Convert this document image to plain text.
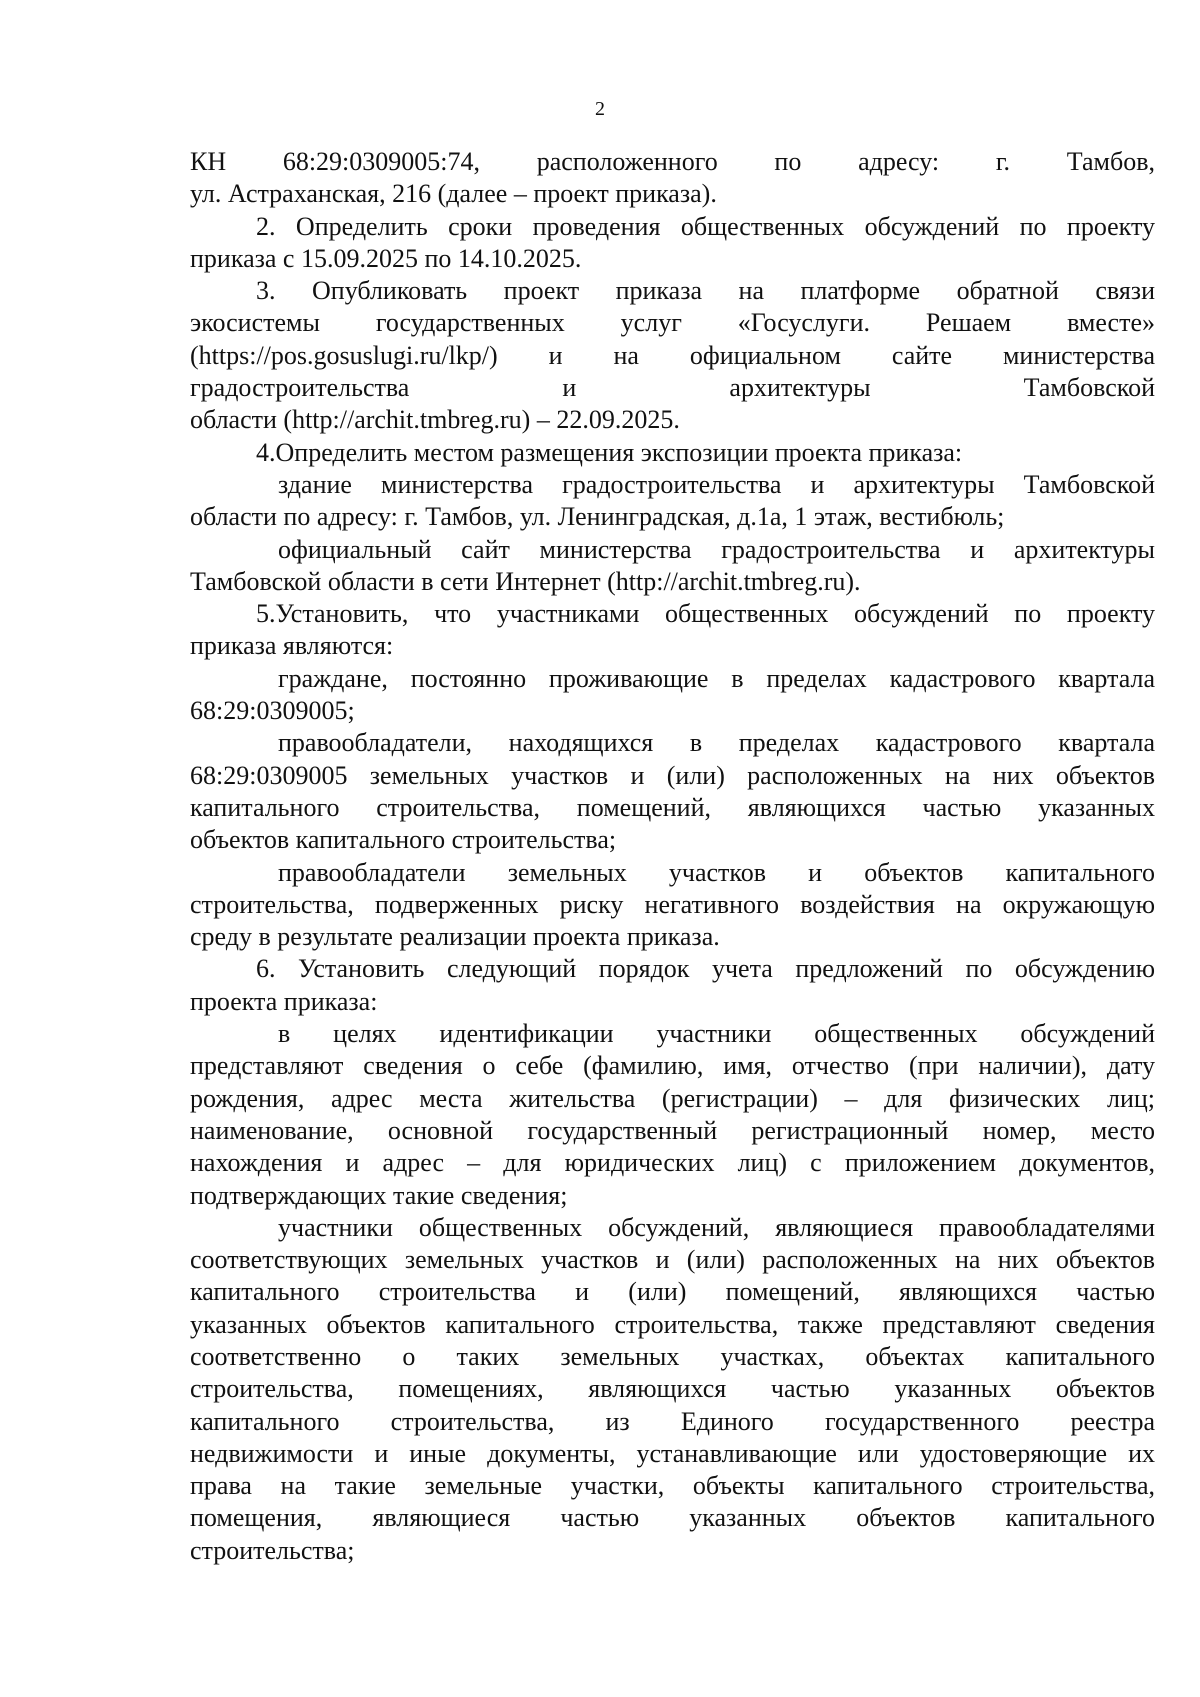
2

КН 68:29:0309005:74, расположенного по адресу: г. Тамбов,

ул. Астраханская, 216 (далее – проект приказа).

2. Определить сроки проведения общественных обсуждений по проекту

приказа с 15.09.2025 по 14.10.2025.

3. Опубликовать проект приказа на платформе обратной связи

экосистемы государственных услуг «Госуслуги. Решаем вместе»

(https://pos.gosuslugi.ru/lkp/) и на официальном сайте министерства

градостроительства и архитектуры Тамбовской

области (http://archit.tmbreg.ru) – 22.09.2025.

4.Определить местом размещения экспозиции проекта приказа:

здание министерства градостроительства и архитектуры Тамбовской

области по адресу: г. Тамбов, ул. Ленинградская, д.1а, 1 этаж, вестибюль;

официальный сайт министерства градостроительства и архитектуры

Тамбовской области в сети Интернет (http://archit.tmbreg.ru).

5.Установить, что участниками общественных обсуждений по проекту

приказа являются:

граждане, постоянно проживающие в пределах кадастрового квартала

68:29:0309005;

правообладатели, находящихся в пределах кадастрового квартала

68:29:0309005 земельных участков и (или) расположенных на них объектов

капитального строительства, помещений, являющихся частью указанных

объектов капитального строительства;

правообладатели земельных участков и объектов капитального

строительства, подверженных риску негативного воздействия на окружающую

среду в результате реализации проекта приказа.

6. Установить следующий порядок учета предложений по обсуждению

проекта приказа:

в целях идентификации участники общественных обсуждений

представляют сведения о себе (фамилию, имя, отчество (при наличии), дату

рождения, адрес места жительства (регистрации) – для физических лиц;

наименование, основной государственный регистрационный номер, место

нахождения и адрес – для юридических лиц) с приложением документов,

подтверждающих такие сведения;

участники общественных обсуждений, являющиеся правообладателями

соответствующих земельных участков и (или) расположенных на них объектов

капитального строительства и (или) помещений, являющихся частью

указанных объектов капитального строительства, также представляют сведения

соответственно о таких земельных участках, объектах капитального

строительства, помещениях, являющихся частью указанных объектов

капитального строительства, из Единого государственного реестра

недвижимости и иные документы, устанавливающие или удостоверяющие их

права на такие земельные участки, объекты капитального строительства,

помещения, являющиеся частью указанных объектов капитального

строительства;
